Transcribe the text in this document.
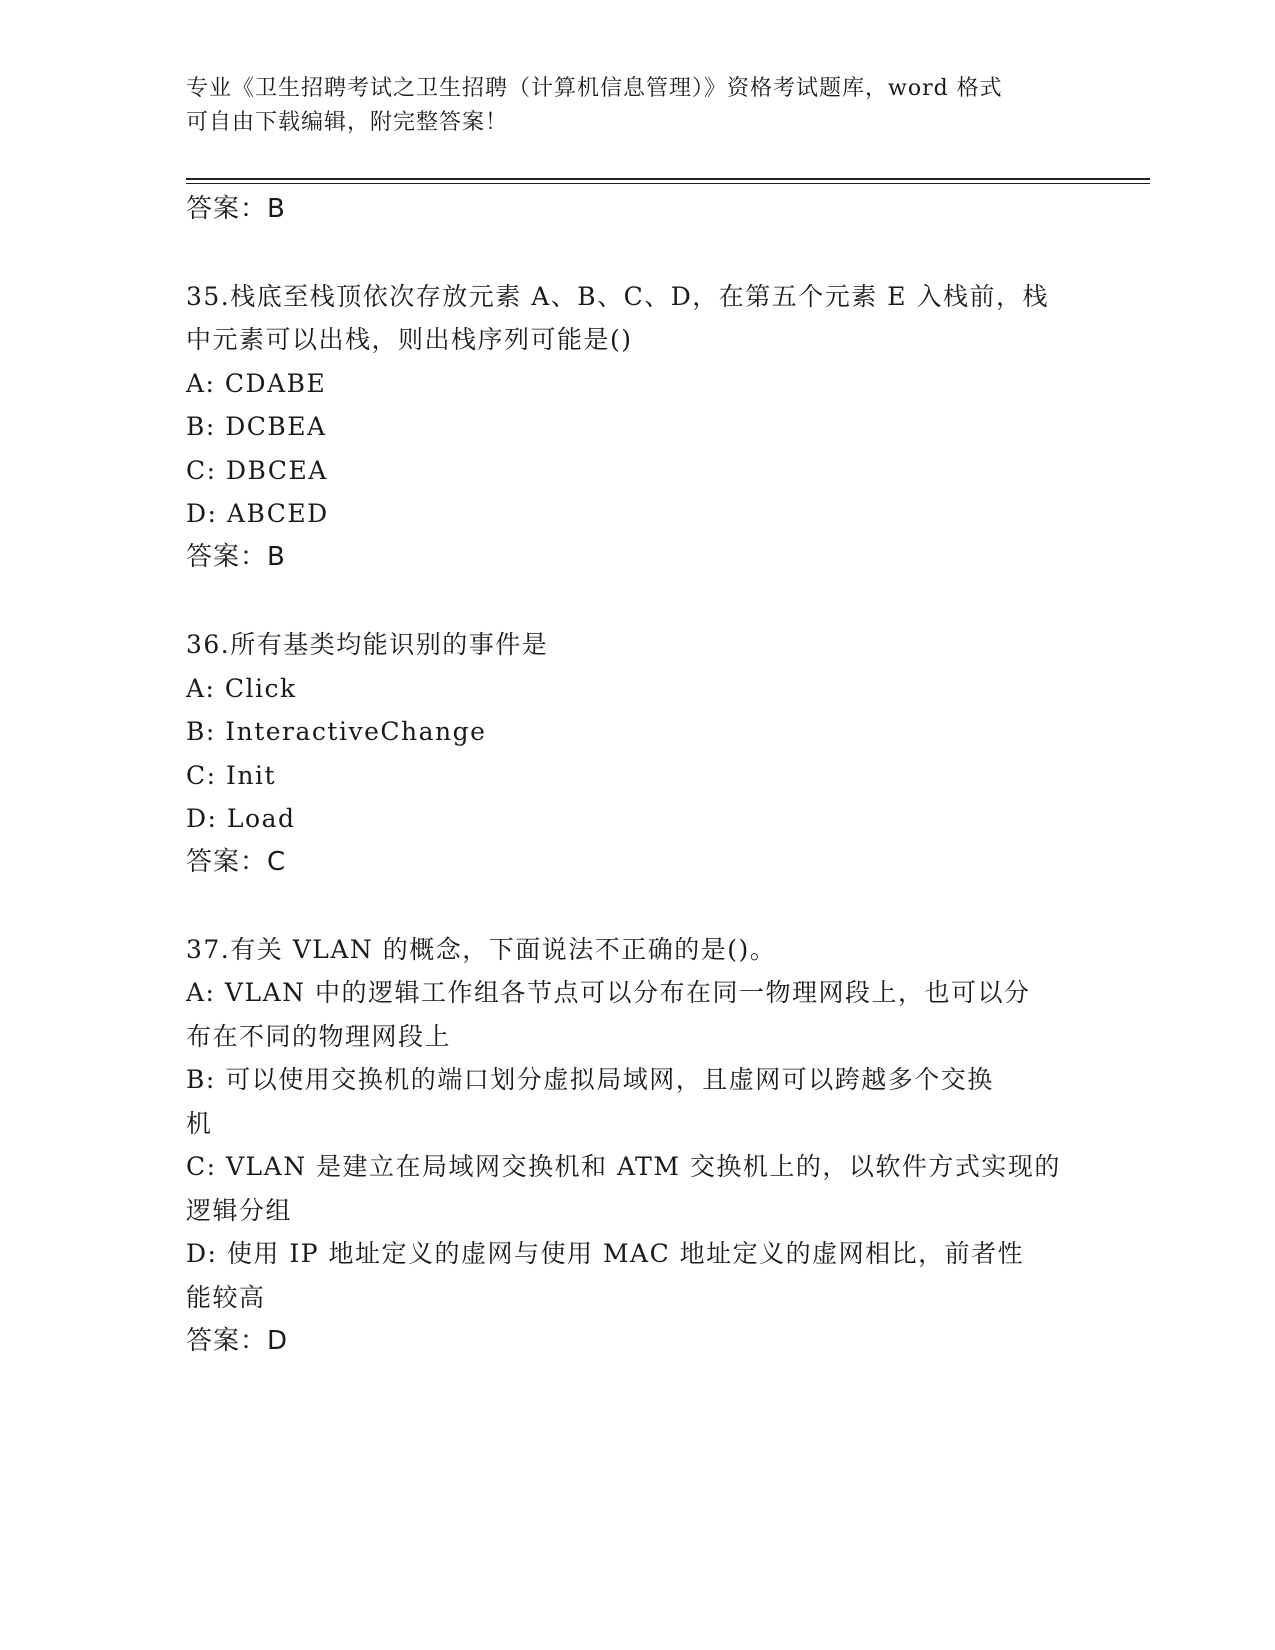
专业《卫生招聘考试之卫生招聘（计算机信息管理）》资格考试题库，word 格式
可自由下载编辑，附完整答案！
答案：B
35.栈底至栈顶依次存放元素 A、B、C、D，在第五个元素 E 入栈前，栈
中元素可以出栈，则出栈序列可能是()
A: CDABE
B: DCBEA
C: DBCEA
D: ABCED
答案：B
36.所有基类均能识别的事件是
A: Click
B: InteractiveChange
C: Init
D: Load
答案：C
37.有关 VLAN 的概念，下面说法不正确的是()。
A: VLAN 中的逻辑工作组各节点可以分布在同一物理网段上，也可以分
布在不同的物理网段上
B: 可以使用交换机的端口划分虚拟局域网，且虚网可以跨越多个交换
机
C: VLAN 是建立在局域网交换机和 ATM 交换机上的，以软件方式实现的
逻辑分组
D: 使用 IP 地址定义的虚网与使用 MAC 地址定义的虚网相比，前者性
能较高
答案：D
